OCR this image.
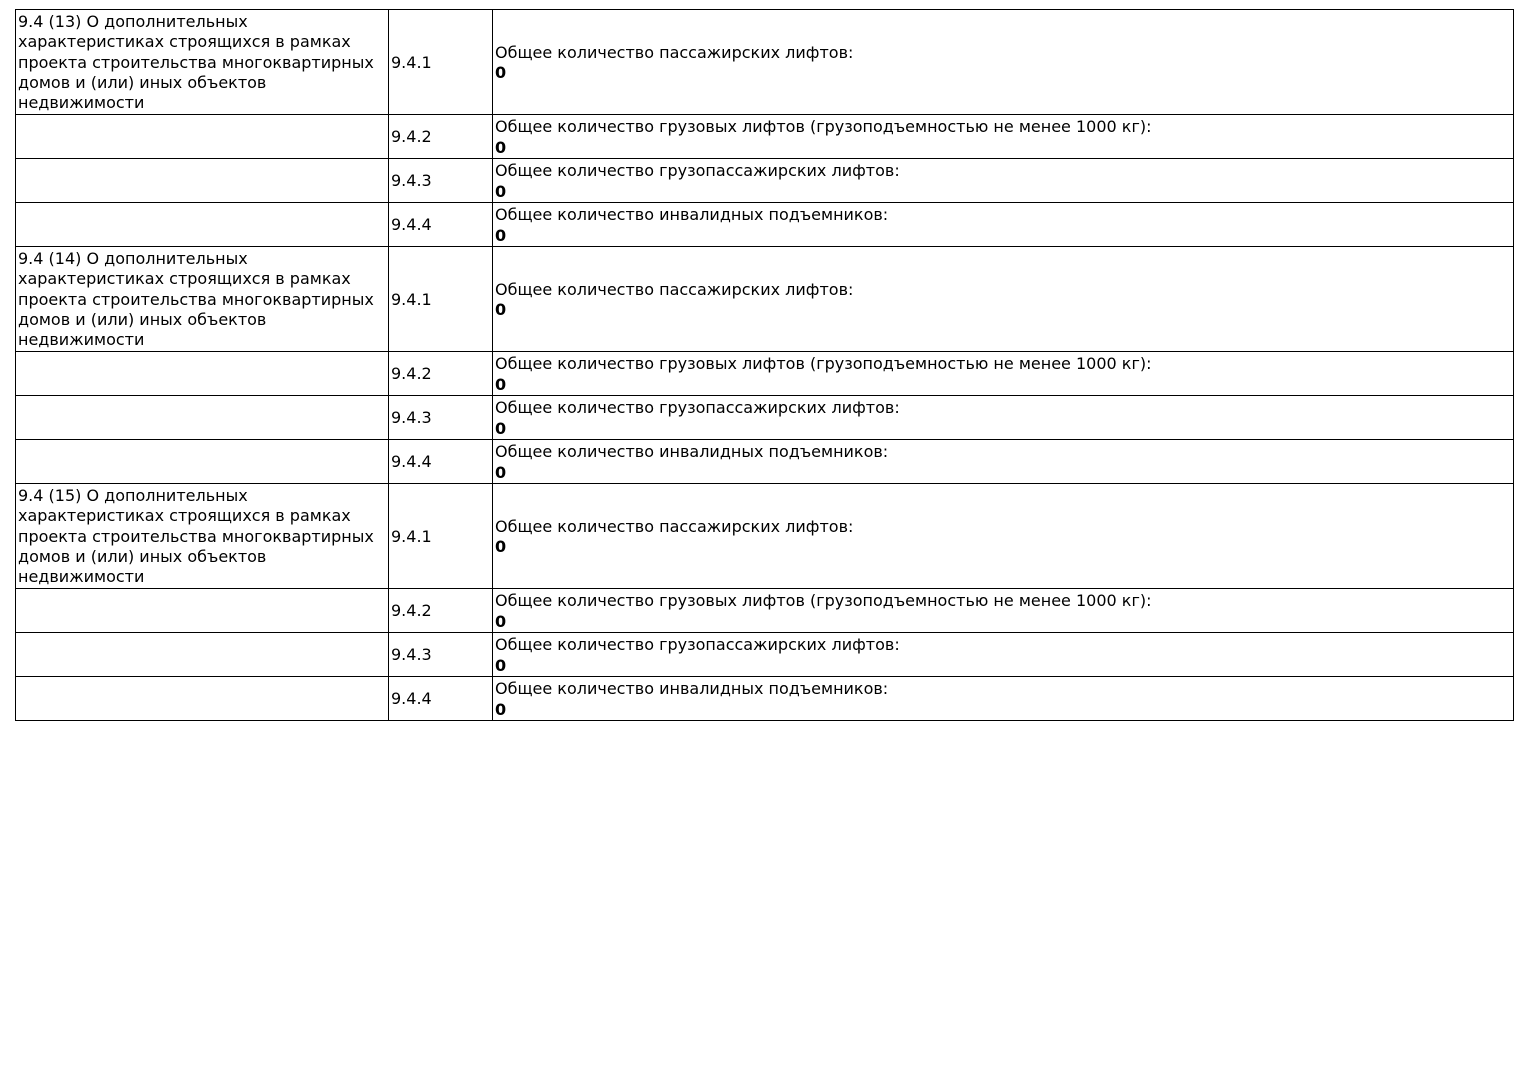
9.4 (13) О дополнительных характеристиках строящихся в рамках проекта строительства многоквартирных домов и (или) иных объектов недвижимости	9.4.1	Общее количество пассажирских лифтов:
0

	9.4.2	Общее количество грузовых лифтов (грузоподъемностью не менее 1000 кг):
0

	9.4.3	Общее количество грузопассажирских лифтов:
0

	9.4.4	Общее количество инвалидных подъемников:
0

9.4 (14) О дополнительных характеристиках строящихся в рамках проекта строительства многоквартирных домов и (или) иных объектов недвижимости	9.4.1	Общее количество пассажирских лифтов:
0

	9.4.2	Общее количество грузовых лифтов (грузоподъемностью не менее 1000 кг):
0

	9.4.3	Общее количество грузопассажирских лифтов:
0

	9.4.4	Общее количество инвалидных подъемников:
0

9.4 (15) О дополнительных характеристиках строящихся в рамках проекта строительства многоквартирных домов и (или) иных объектов недвижимости	9.4.1	Общее количество пассажирских лифтов:
0

	9.4.2	Общее количество грузовых лифтов (грузоподъемностью не менее 1000 кг):
0

	9.4.3	Общее количество грузопассажирских лифтов:
0

	9.4.4	Общее количество инвалидных подъемников:
0
